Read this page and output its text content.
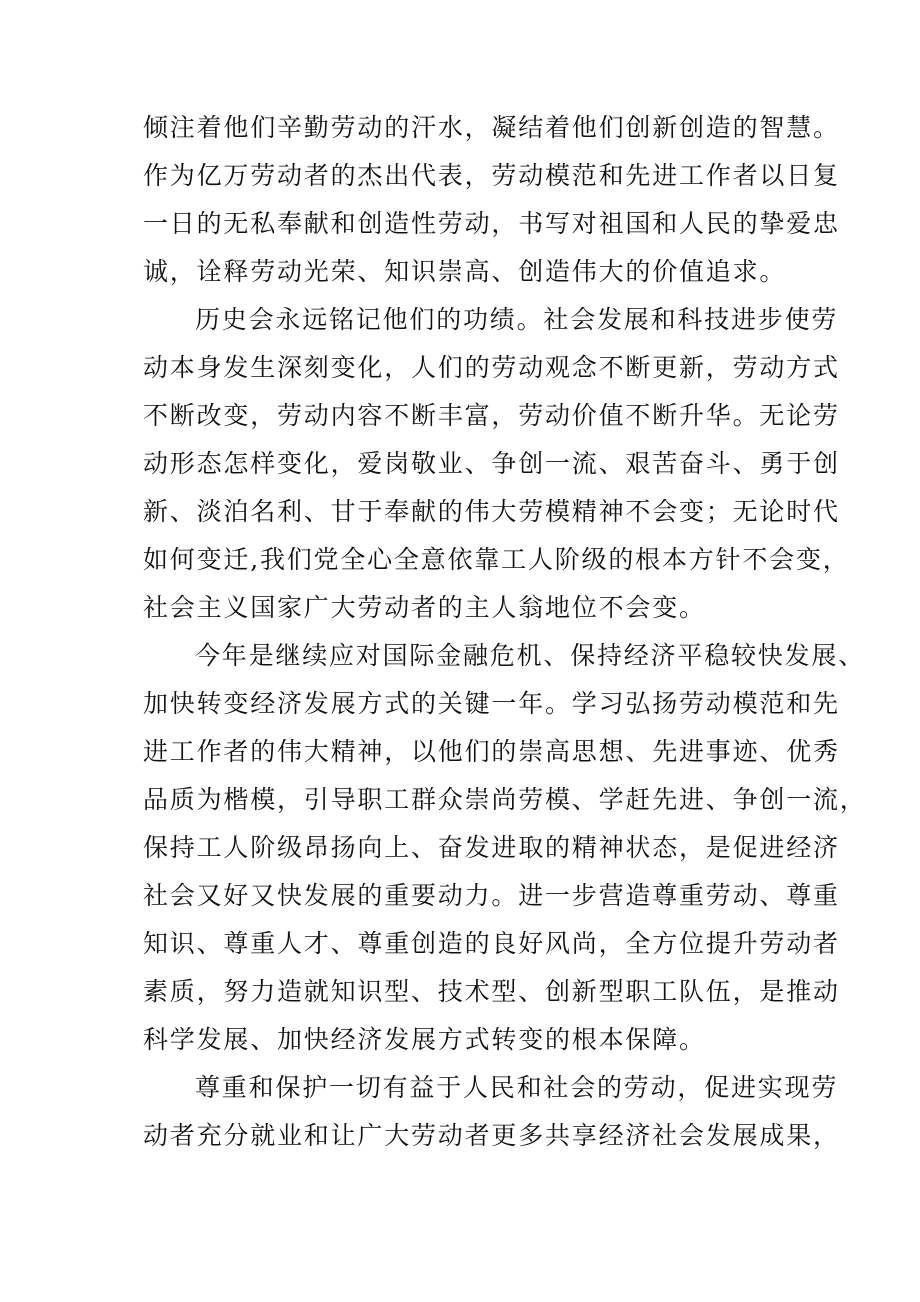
倾注着他们辛勤劳动的汗水，凝结着他们创新创造的智慧。
作为亿万劳动者的杰出代表，劳动模范和先进工作者以日复
一日的无私奉献和创造性劳动，书写对祖国和人民的挚爱忠
诚，诠释劳动光荣、知识崇高、创造伟大的价值追求。
历史会永远铭记他们的功绩。社会发展和科技进步使劳
动本身发生深刻变化，人们的劳动观念不断更新，劳动方式
不断改变，劳动内容不断丰富，劳动价值不断升华。无论劳
动形态怎样变化，爱岗敬业、争创一流、艰苦奋斗、勇于创
新、淡泊名利、甘于奉献的伟大劳模精神不会变；无论时代
如何变迁,我们党全心全意依靠工人阶级的根本方针不会变，
社会主义国家广大劳动者的主人翁地位不会变。
今年是继续应对国际金融危机、保持经济平稳较快发展、
加快转变经济发展方式的关键一年。学习弘扬劳动模范和先
进工作者的伟大精神，以他们的崇高思想、先进事迹、优秀
品质为楷模，引导职工群众崇尚劳模、学赶先进、争创一流，
保持工人阶级昂扬向上、奋发进取的精神状态，是促进经济
社会又好又快发展的重要动力。进一步营造尊重劳动、尊重
知识、尊重人才、尊重创造的良好风尚，全方位提升劳动者
素质，努力造就知识型、技术型、创新型职工队伍，是推动
科学发展、加快经济发展方式转变的根本保障。
尊重和保护一切有益于人民和社会的劳动，促进实现劳
动者充分就业和让广大劳动者更多共享经济社会发展成果，
